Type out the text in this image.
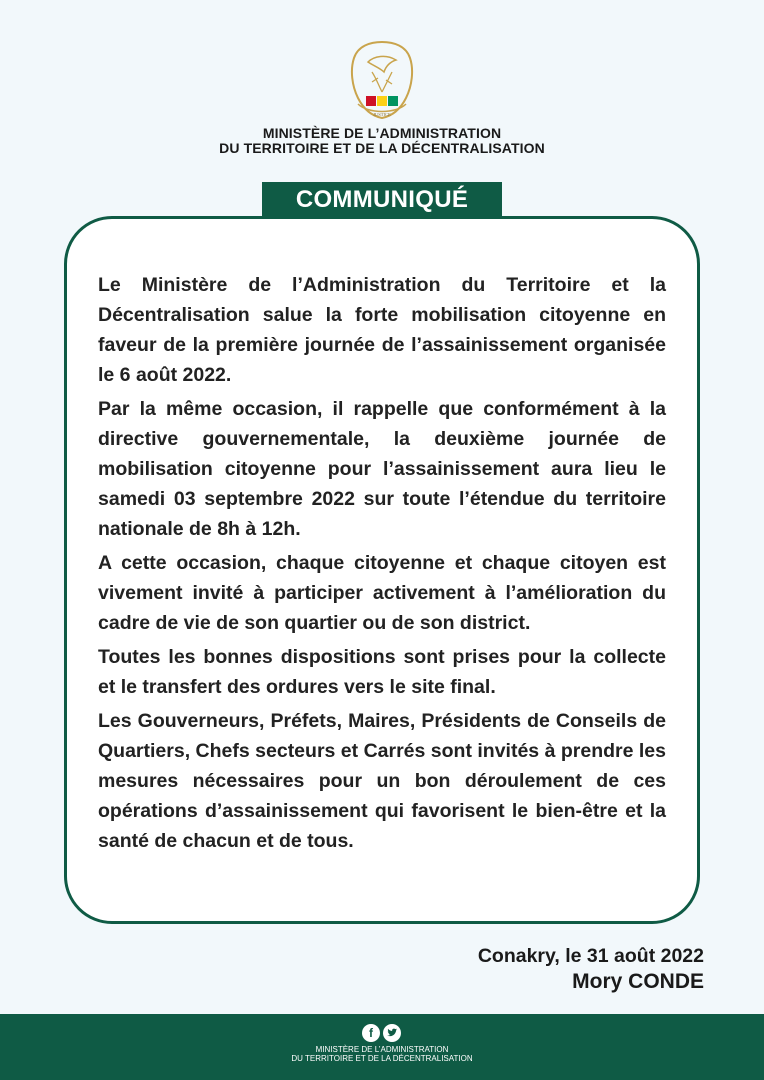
JUSTICE
MINISTÈRE DE L’ADMINISTRATION
DU TERRITOIRE ET DE LA DÉCENTRALISATION
COMMUNIQUÉ

Le Ministère de l’Administration du Territoire et la Décentralisation salue la forte mobilisation citoyenne en faveur de la première journée de l’assainissement organisée le 6 août 2022.

Par la même occasion, il rappelle que conformément à la directive gouvernementale, la deuxième journée de mobilisation citoyenne pour l’assainissement aura lieu le samedi 03 septembre 2022 sur toute l’étendue du territoire nationale de 8h à 12h.

A cette occasion, chaque citoyenne et chaque citoyen est vivement invité à participer activement à l’amélioration du cadre de vie de son quartier ou de son district.

Toutes les bonnes dispositions sont prises pour la collecte et le transfert des ordures vers le site final.

Les Gouverneurs, Préfets, Maires, Présidents de Conseils de Quartiers, Chefs secteurs et Carrés sont invités à prendre les mesures nécessaires pour un bon déroulement de ces opérations d’assainissement qui favorisent le bien-être et la santé de chacun et de tous.

Conakry, le 31 août 2022
Mory CONDE
f
MINISTÈRE DE L’ADMINISTRATION
DU TERRITOIRE ET DE LA DÉCENTRALISATION
